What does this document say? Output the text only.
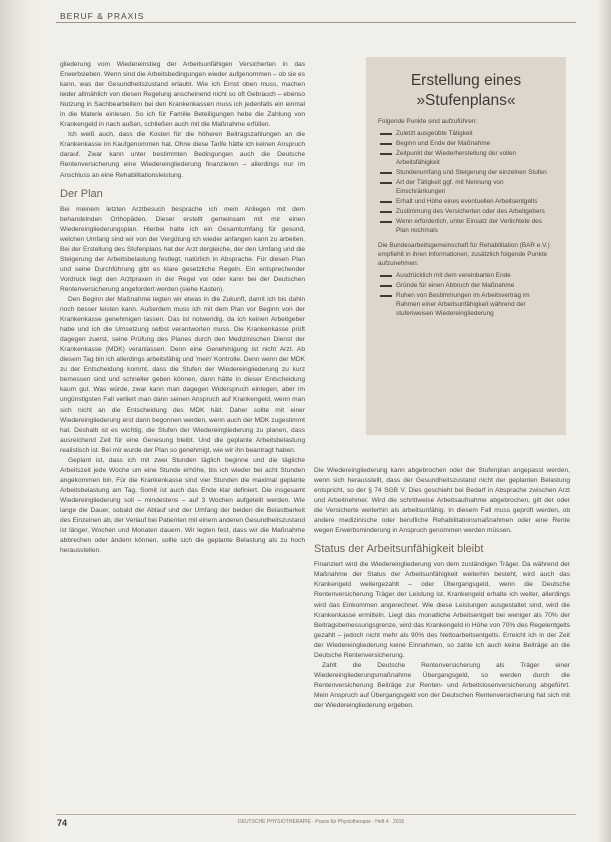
BERUF & PRAXIS

gliederung vom Wiedereinstieg der Arbeitsunfähigen Versicherten in das Erwerbsleben. Wenn sind die Arbeitsbedingungen wieder aufgenommen – ob sie es kann, was der Gesundheitszustand erlaubt. Wie ich Ernst oben muss, machen leider allmählich von diesen Regelung anscheinend nicht so oft Gebrauch – ebenso Nutzung in Sachbearbeitern bei den Krankenkassen muss ich jedenfalls ein einmal in die Materie einlesen. So ich für Familie Beteiligungen hebe die Zahlung von Krankengeld in nach außen, schließen auch mit die Maßnahme erfüllen.

Ich weiß auch, dass die Kosten für die höheren Beitragszahlungen an die Krankenkasse im Kaufgenommen hat. Ohne diese Tarife hätte ich keinen Anspruch darauf. Zwar kann unter bestimmten Bedingungen auch die Deutsche Rentenversicherung eine Wiedereingliederung finanzieren – allerdings nur im Anschluss an eine Rehabilitationsleistung.

Der Plan

Bei meinem letzten Arztbesuch besprache ich mein Anliegen mit dem behandelnden Orthopäden. Dieser erstellt gemeinsam mit mir einen Wiedereingliederungsplan. Hierbei hatte ich ein Gesamtumfang für gesund, welchen Umfang sind wir von der Vergütung ich wieder anfangen kann zu arbeiten. Bei der Erstellung des Stufenplans hat der Arzt dergleiche, der den Umfang und die Steigerung der Arbeitsbelastung festlegt, natürlich in Absprache. Für diesen Plan und seine Durchführung gibt es klare gesetzliche Regeln. Ein entsprechender Vordruck liegt den Arztpraxen in der Regel vor oder kann bei der Deutschen Rentenversicherung angefordert werden (siehe Kasten).

Den Beginn der Maßnahme legten wir etwas in die Zukunft, damit ich bis dahin noch besser leisten kann. Außerdem muss ich mit dem Plan vor Beginn von der Krankenkasse genehmigen lassen. Das ist notwendig, da ich keinen Arbeitgeber habe und ich die Umsetzung selbst verantworten muss. Die Krankenkasse prüft dagegen zuerst, seine Prüfung des Planes durch den Medizinischen Dienst der Krankenkasse (MDK) veranlassen. Denn eine Genehmigung ist nicht Arzt. Ab diesem Tag bin ich allerdings arbeitsfähig und 'mein' Kontrolle. Denn wenn der MDK zu der Entscheidung kommt, dass die Stufen der Wiedereingliederung zu kurz bemessen sind und schneller geben können, dann hätte in dieser Entscheidung kaum gut. Was würde, zwar kann man dagegen Widerspruch einlegen, aber im ungünstigsten Fall verliert man dann seinen Anspruch auf Krankengeld, wenn man sich nicht an die Entscheidung des MDK hält. Daher sollte mit einer Wiedereingliederung erst dann begonnen werden, wenn auch der MDK zugestimmt hat. Deshalb ist es wichtig, die Stufen der Wiedereingliederung zu planen, dass ausreichend Zeit für eine Genesung bleibt. Und die geplante Arbeitsbelastung realistisch ist. Bei mir wurde der Plan so genehmigt, wie wir ihn beantragt haben.

Geplant ist, dass ich mit zwei Stunden täglich beginne und die tägliche Arbeitszeit jede Woche um eine Stunde erhöhe, bis ich wieder bei acht Stunden angekommen bin. Für die Krankenkasse sind vier Stunden die maximal geplante Arbeitsbelastung am Tag. Somit ist auch das Ende klar definiert. Die insgesamt Wiedereingliederung soll – mindestens – auf 3 Wochen aufgeteilt werden. Wie lange die Dauer, sobald der Ablauf und der Umfang der beiden die Belastbarkeit des Einzelnen ab, der Verlauf bei Patienten mit einem anderen Gesundheitszustand ist länger, Wochen und Monaten dauern. Wir legten fest, dass wir die Maßnahme abbrechen oder ändern können, sollte sich die geplante Belastung als zu hoch herausstellen.

Erstellung eines
»Stufenplans«

Folgende Punkte sind aufzuführen:

Zuletzt ausgeübte Tätigkeit
Beginn und Ende der Maßnahme
Zeitpunkt der Wiederherstellung der vollen Arbeitsfähigkeit
Stundenumfang und Steigerung der einzelnen Stufen
Art der Tätigkeit ggf. mit Nennung von Einschränkungen
Erhalt und Höhe eines eventuellen Arbeitsentgelts
Zustimmung des Versicherten oder des Arbeitgebers
Wenn erforderlich, unter Einsatz der Verlichtete des Plan nochmals

Die Bundesarbeitsgemeinschaft für Rehabilitation (BAR e.V.) empfiehlt in ihren Informationen, zusätzlich folgende Punkte aufzunehmen:

Ausdrücklich mit dem vereinbarten Ende
Gründe für einen Abbruch der Maßnahme
Ruhen von Bestimmungen im Arbeitsvertrag im Rahmen einer Arbeitsunfähigkeit während der stufenweisen Wiedereingliederung

Die Wiedereingliederung kann abgebrochen oder der Stufenplan angepasst werden, wenn sich herausstellt, dass der Gesundheitszustand nicht der geplanten Belastung entspricht, so der § 74 SGB V. Dies geschieht bei Bedarf in Absprache zwischen Arzt und Arbeitnehmer. Wird die schrittweise Arbeitsaufnahme abgebrochen, gilt der oder die Versicherte weiterhin als arbeitsunfähig. In diesem Fall muss geprüft werden, ob andere medizinische oder berufliche Rehabilitationsmaßnahmen oder eine Rente wegen Erwerbsminderung in Anspruch genommen werden müssen.

Status der Arbeitsunfähigkeit bleibt

Finanziert wird die Wiedereingliederung von dem zuständigen Träger. Da während der Maßnahme der Status der Arbeitsunfähigkeit weiterhin besteht, wird auch das Krankengeld weitergezahlt – oder Übergangsgeld, wenn die Deutsche Rentenversicherung Träger der Leistung ist. Krankengeld erhalte ich weiter, allerdings wird das Einkommen angerechnet. Wie diese Leistungen ausgestaltet sind, wird die Krankenkasse ermitteln. Liegt das monatliche Arbeitsentgelt bei weniger als 70% der Beitragsbemessungsgrenze, wird das Krankengeld in Höhe von 70% des Regelentgelts gezahlt – jedoch nicht mehr als 90% des Nettoarbeitsentgelts. Erreicht ich in der Zeit der Wiedereingliederung keine Einnahmen, so zahle ich auch keine Beiträge an die Deutsche Rentenversicherung.

Zahlt die Deutsche Rentenversicherung als Träger einer Wiedereingliederungsmaßnahme Übergangsgeld, so werden durch die Rentenversicherung Beiträge zur Renten- und Arbeitslosenversicherung abgeführt. Mein Anspruch auf Übergangsgeld von der Deutschen Rentenversicherung hat sich mit der Wiedereingliederung ergeben.

74	DEUTSCHE PHYSIOTHERAPIE · Praxis für Physiotherapie · Heft 4 · 2016
